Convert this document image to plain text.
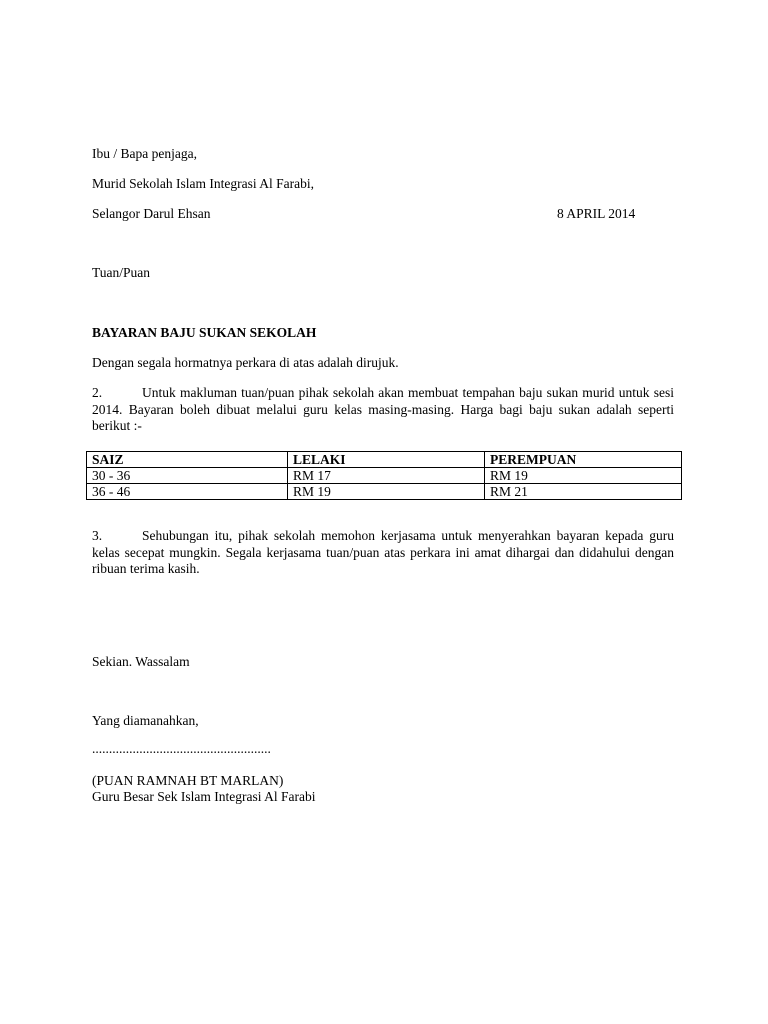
Ibu / Bapa penjaga,
Murid Sekolah Islam Integrasi Al Farabi,
Selangor Darul Ehsan	8 APRIL 2014
Tuan/Puan
BAYARAN BAJU SUKAN SEKOLAH
Dengan segala hormatnya perkara di atas adalah dirujuk.
2.	Untuk makluman tuan/puan pihak sekolah akan membuat tempahan baju sukan murid untuk sesi 2014. Bayaran boleh dibuat melalui guru kelas masing-masing. Harga bagi baju sukan adalah seperti berikut :-
SAIZ	LELAKI	PEREMPUAN
30 - 36	RM 17	RM 19
36 - 46	RM 19	RM 21
3.	Sehubungan itu, pihak sekolah memohon kerjasama untuk menyerahkan bayaran kepada guru kelas secepat mungkin. Segala kerjasama tuan/puan atas perkara ini amat dihargai dan didahului dengan ribuan terima kasih.
Sekian. Wassalam
Yang diamanahkan,
.....................................................
(PUAN RAMNAH BT MARLAN)
Guru Besar Sek Islam Integrasi Al Farabi
